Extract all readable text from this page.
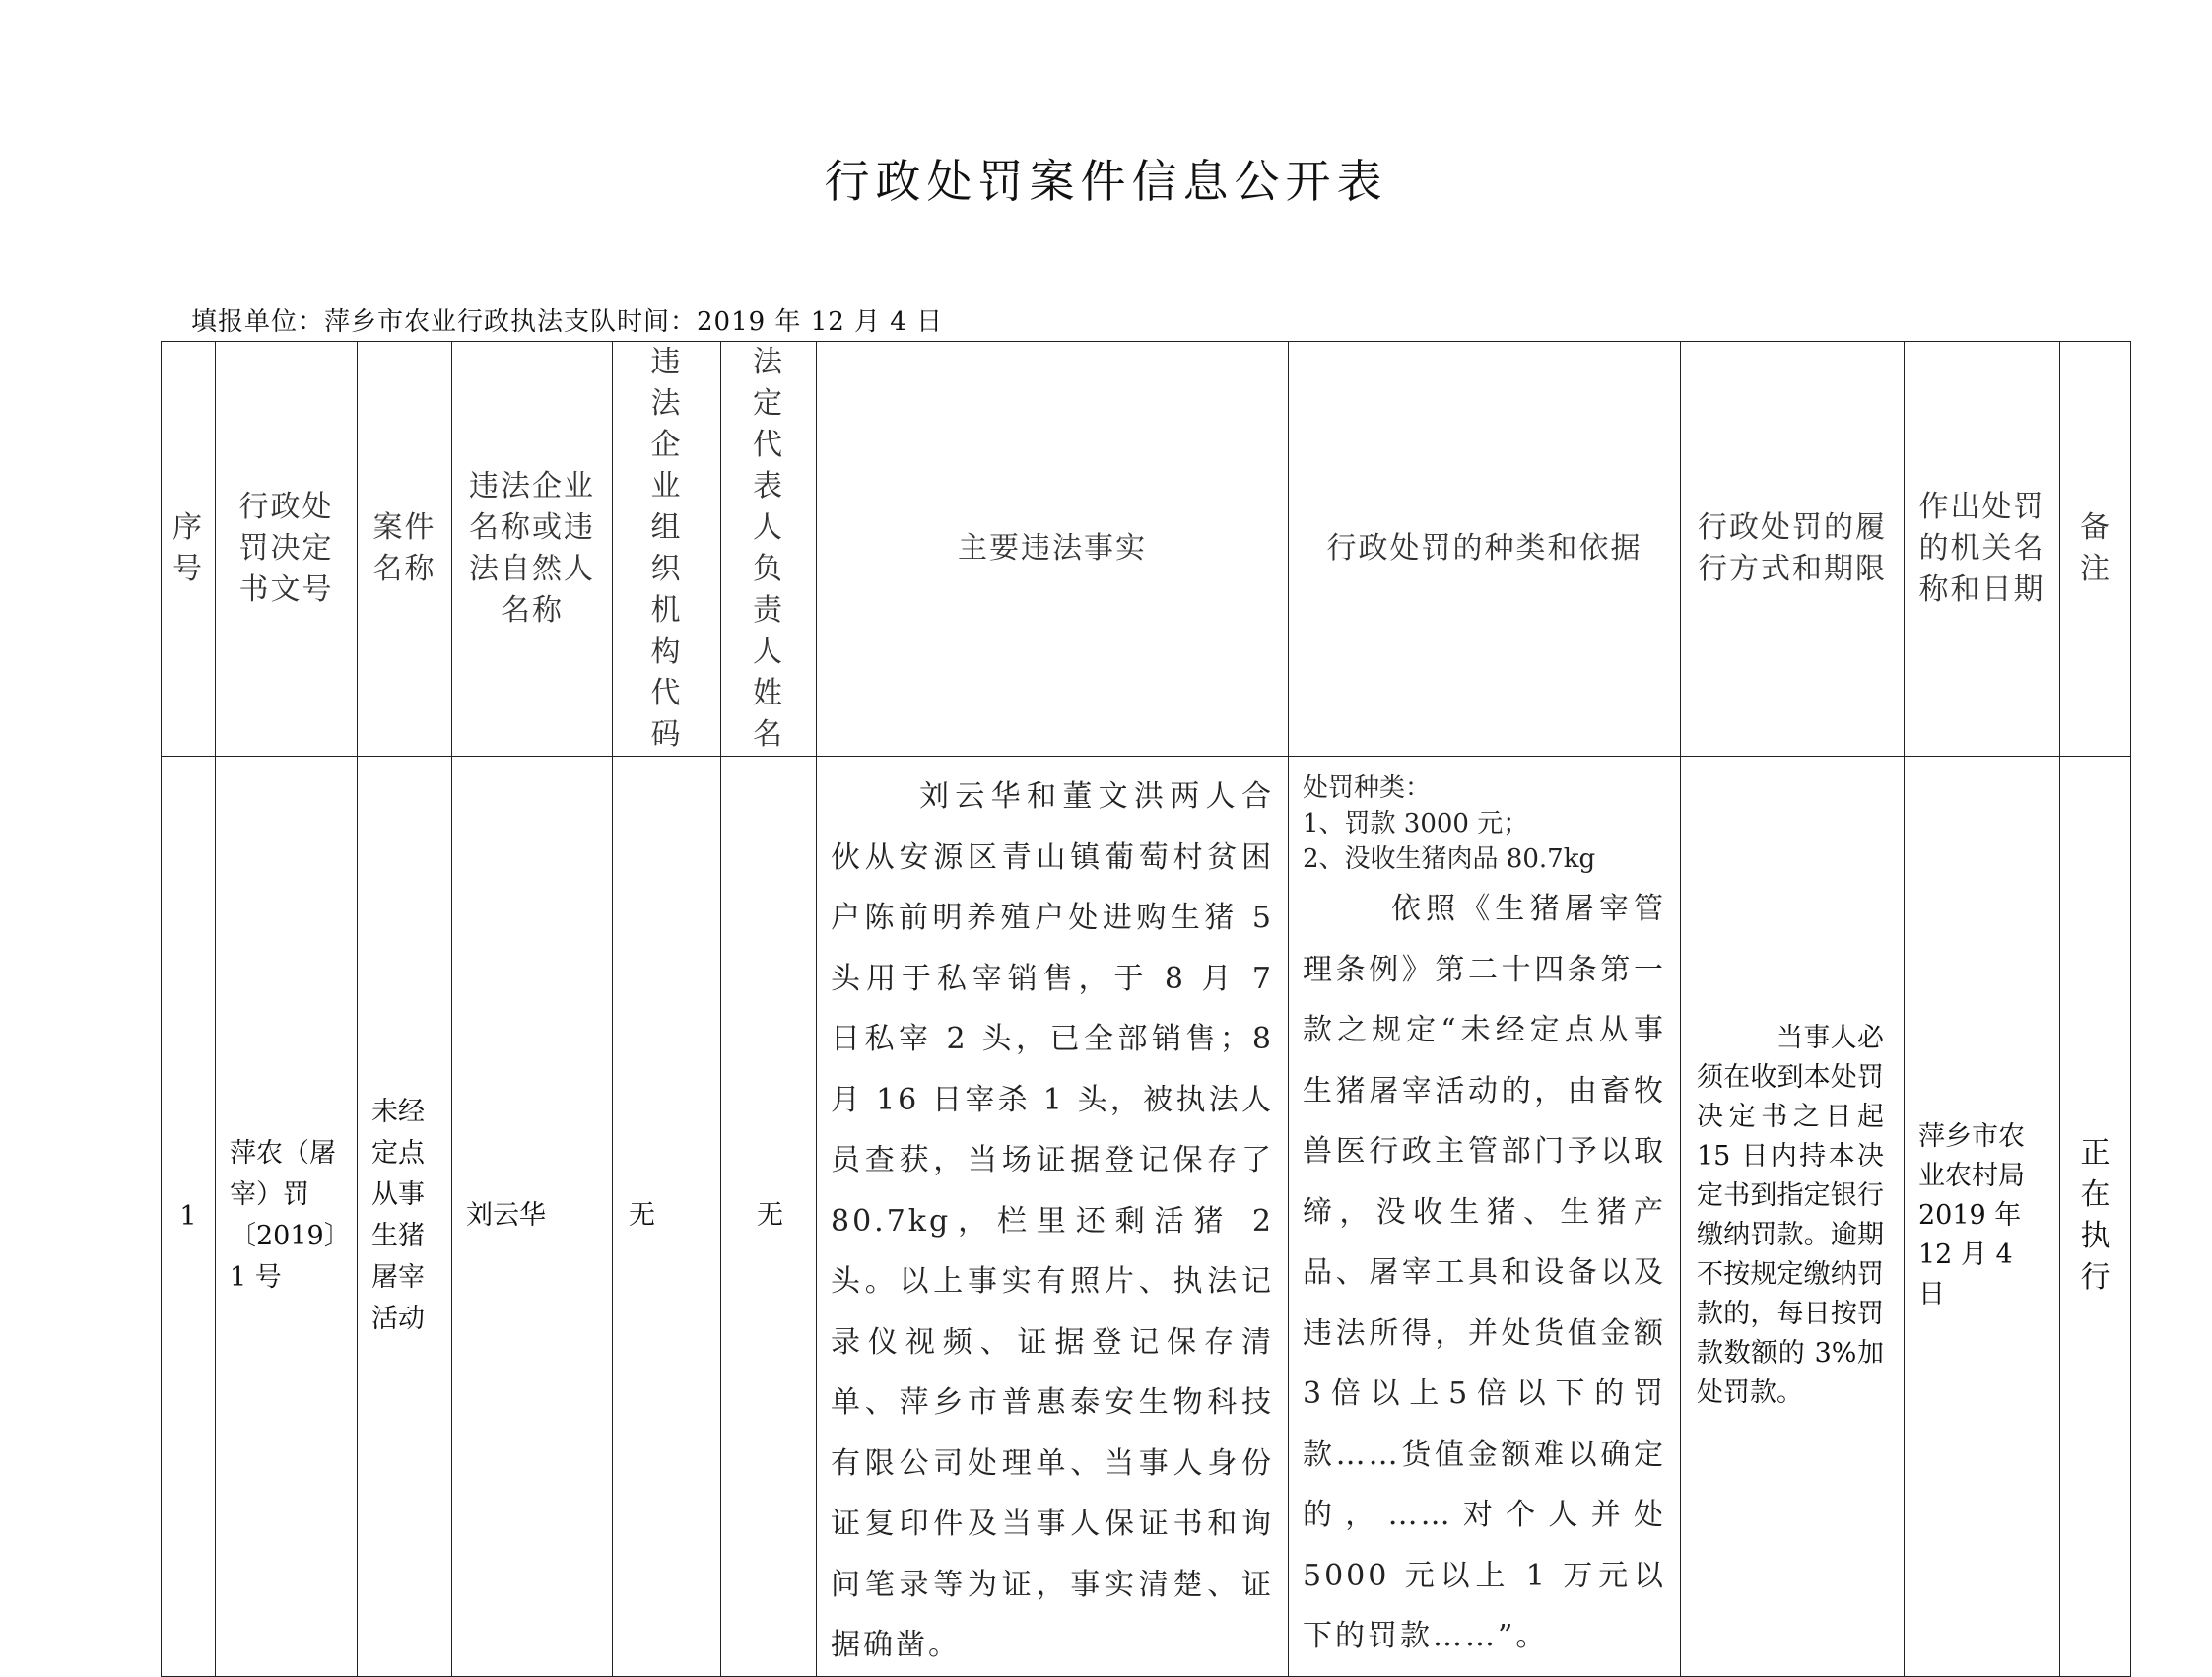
行政处罚案件信息公开表
填报单位：萍乡市农业行政执法支队时间：2019 年 12 月 4 日
序号	行政处罚决定书文号	案件名称	违法企业名称或违法自然人名称	违法企业组织机构代码	法定代表人负责人姓名	主要违法事实	行政处罚的种类和依据	行政处罚的履行方式和期限	作出处罚的机关名称和日期	备注

1	萍农（屠宰）罚〔2019〕1 号	未经定点从事生猪屠宰活动	刘云华	无	无	刘云华和董文洪两人合伙从安源区青山镇葡萄村贫困户陈前明养殖户处进购生猪 5 头用于私宰销售，于 8 月 7 日私宰 2 头，已全部销售；8 月 16 日宰杀 1 头，被执法人员查获，当场证据登记保存了 80.7kg，栏里还剩活猪 2 头。以上事实有照片、执法记录仪视频、证据登记保存清单、萍乡市普惠泰安生物科技有限公司处理单、当事人身份证复印件及当事人保证书和询问笔录等为证，事实清楚、证据确凿。	处罚种类：
1、罚款 3000 元；
2、没收生猪肉品 80.7kg
依照《生猪屠宰管理条例》第二十四条第一款之规定“未经定点从事生猪屠宰活动的，由畜牧兽医行政主管部门予以取缔，没收生猪、生猪产品、屠宰工具和设备以及违法所得，并处货值金额3倍以上5倍以下的罚款……货值金额难以确定的，……对个人并处 5000 元以上 1 万元以下的罚款……”。	当事人必须在收到本处罚决定书之日起 15 日内持本决定书到指定银行缴纳罚款。逾期不按规定缴纳罚款的，每日按罚款数额的 3%加处罚款。	萍乡市农业农村局 2019 年 12 月 4 日	正在执行
